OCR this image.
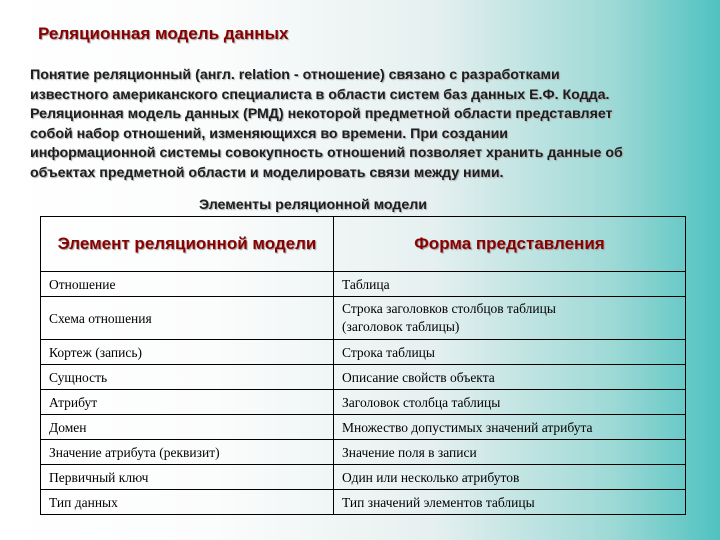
Реляционная модель данных
Понятие реляционный (англ. relation - отношение) связано с разработками
известного американского специалиста в области систем баз данных Е.Ф. Кодда.
Реляционная модель данных (РМД) некоторой предметной области представляет
собой набор отношений, изменяющихся во времени. При создании
информационной системы совокупность отношений позволяет хранить данные об
объектах предметной области и моделировать связи между ними.
Элементы реляционной модели
Элемент реляционной модели	Форма представления
Отношение	Таблица
Схема отношения	Строка заголовков столбцов таблицы
(заголовок таблицы)

Кортеж (запись)	Строка таблицы
Сущность	Описание свойств объекта
Атрибут	Заголовок столбца таблицы
Домен	Множество допустимых значений атрибута
Значение атрибута (реквизит)	Значение поля в записи
Первичный ключ	Один или несколько атрибутов
Тип данных	Тип значений элементов таблицы
